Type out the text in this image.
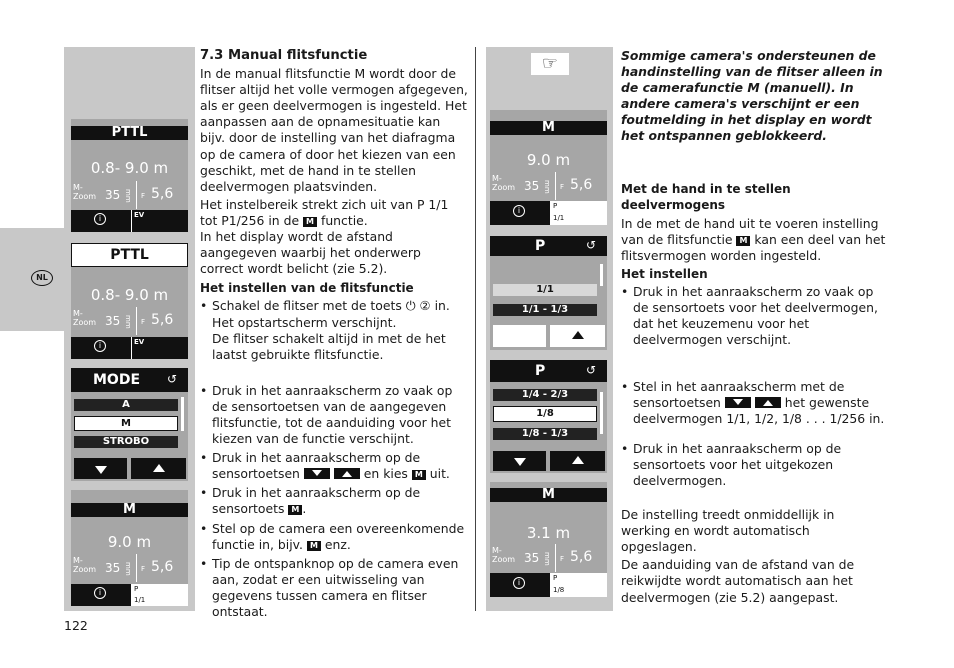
NL
PTTL
0.8- 9.0 m
M-
Zoom 35 mm F 5,6
i	EV
PTTL
0.8- 9.0 m
M-
Zoom 35 mm F 5,6
i	EV
MODE	↺
A
M
STROBO
M
9.0 m
M-
Zoom 35 mm F 5,6
i	P
1/1

7.3 Manual flitsfunctie

In de manual flitsfunctie M wordt door de flitser altijd het volle vermogen afgegeven, als er geen deelvermogen is ingesteld. Het aanpassen aan de opnamesituatie kan bijv. door de instelling van het diafragma op de camera of door het kiezen van een geschikt, met de hand in te stellen deelvermogen plaatsvinden.

Het instelbereik strekt zich uit van P 1/1 tot P1/256 in de M functie.

In het display wordt de afstand aangegeven waarbij het onderwerp correct wordt belicht (zie 5.2).

Het instellen van de flitsfunctie

• Schakel de flitser met de toets ⏻ ② in. Het opstartscherm verschijnt.

De flitser schakelt altijd in met de het laatst gebruikte flitsfunctie.

• Druk in het aanraakscherm zo vaak op de sensortoetsen van de aangegeven flitsfunctie, tot de aanduiding voor het kiezen van de functie verschijnt.

• Druk in het aanraakscherm op de sensortoetsen	en kies M uit.

• Druk in het aanraakscherm op de sensortoets M .

• Stel op de camera een overeenkomende functie in, bijv. M enz.

• Tip de ontspanknop op de camera even aan, zodat er een uitwisseling van gegevens tussen camera en flitser ontstaat.

☞
M
9.0 m
M-
Zoom 35 mm F 5,6
i	P
1/1
P	↺
1/1
1/1 - 1/3
P	↺
1/4 - 2/3
1/8
1/8 - 1/3
M
3.1 m
M-
Zoom 35 mm F 5,6
i	P
1/8

Sommige camera's ondersteunen de handinstelling van de flitser alleen in de camerafunctie M (manuell). In andere camera's verschijnt er een foutmelding in het display en wordt het ontspannen geblokkeerd.

Met de hand in te stellen deelvermogens

In de met de hand uit te voeren instelling van de flitsfunctie M kan een deel van het flitsvermogen worden ingesteld.

Het instellen

• Druk in het aanraakscherm zo vaak op de sensortoets voor het deelvermogen, dat het keuzemenu voor het deelvermogen verschijnt.

• Stel in het aanraakscherm met de sensortoetsen	het gewenste deelvermogen 1/1, 1/2, 1/8 . . . 1/256 in.

• Druk in het aanraakscherm op de sensortoets voor het uitgekozen deelvermogen.

De instelling treedt onmiddellijk in werking en wordt automatisch opgeslagen.

De aanduiding van de afstand van de reikwijdte wordt automatisch aan het deelvermogen (zie 5.2) aangepast.

122
